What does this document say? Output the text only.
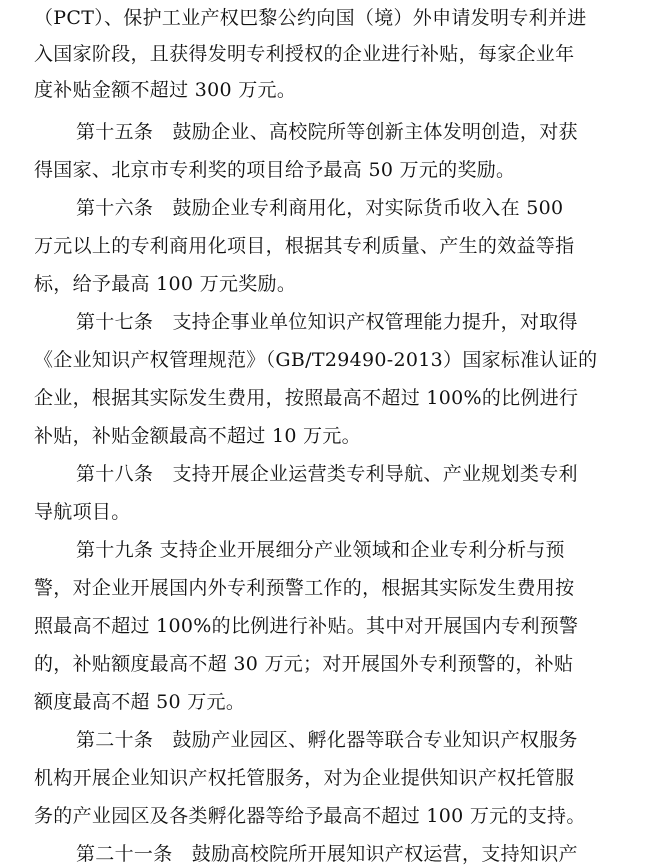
（PCT）、保护工业产权巴黎公约向国（境）外申请发明专利并进
入国家阶段，且获得发明专利授权的企业进行补贴，每家企业年
度补贴金额不超过 300 万元。
第十五条　鼓励企业、高校院所等创新主体发明创造，对获
得国家、北京市专利奖的项目给予最高 50 万元的奖励。
第十六条　鼓励企业专利商用化，对实际货币收入在 500
万元以上的专利商用化项目，根据其专利质量、产生的效益等指
标，给予最高 100 万元奖励。
第十七条　支持企事业单位知识产权管理能力提升，对取得
《企业知识产权管理规范》（GB/T29490-2013）国家标准认证的
企业，根据其实际发生费用，按照最高不超过 100%的比例进行
补贴，补贴金额最高不超过 10 万元。
第十八条　支持开展企业运营类专利导航、产业规划类专利
导航项目。
第十九条 支持企业开展细分产业领域和企业专利分析与预
警，对企业开展国内外专利预警工作的，根据其实际发生费用按
照最高不超过 100%的比例进行补贴。其中对开展国内专利预警
的，补贴额度最高不超 30 万元；对开展国外专利预警的，补贴
额度最高不超 50 万元。
第二十条　鼓励产业园区、孵化器等联合专业知识产权服务
机构开展企业知识产权托管服务，对为企业提供知识产权托管服
务的产业园区及各类孵化器等给予最高不超过 100 万元的支持。
第二十一条　鼓励高校院所开展知识产权运营，支持知识产
